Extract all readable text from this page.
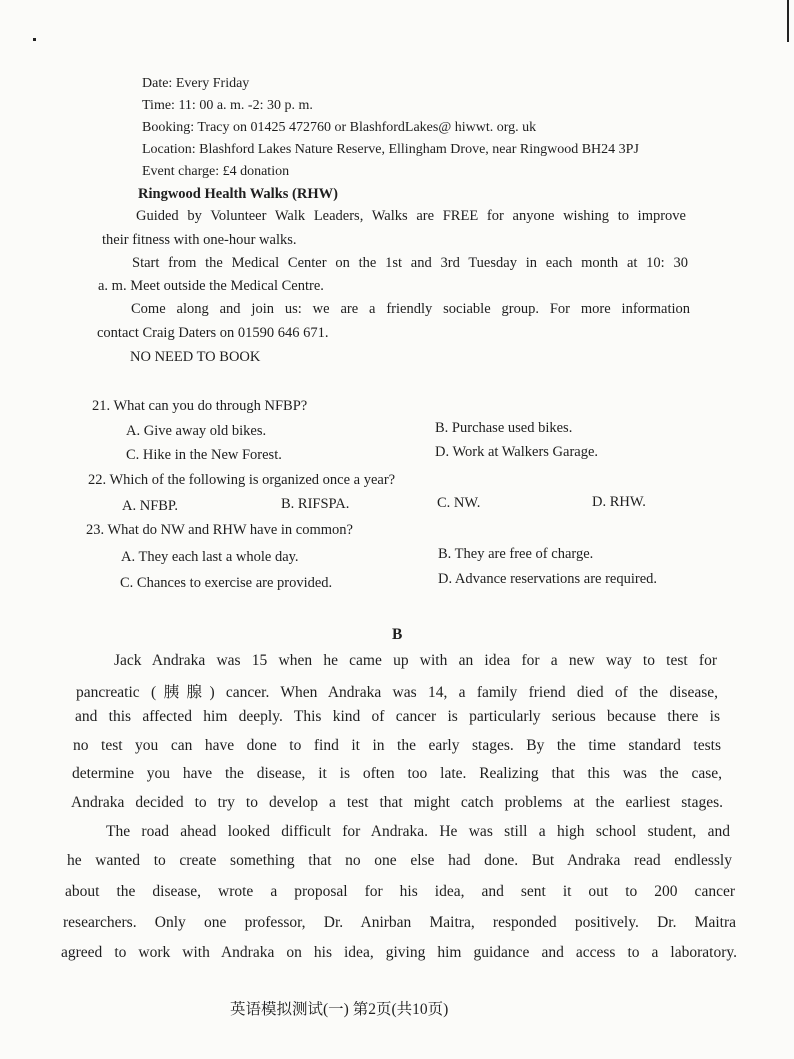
Date: Every Friday
Time: 11: 00 a. m. -2: 30 p. m.
Booking: Tracy on 01425 472760 or BlashfordLakes@ hiwwt. org. uk
Location: Blashford Lakes Nature Reserve, Ellingham Drove, near Ringwood BH24 3PJ
Event charge: £4 donation
Ringwood Health Walks (RHW)
Guided by Volunteer Walk Leaders, Walks are FREE for anyone wishing to improve
their fitness with one-hour walks.
Start from the Medical Center on the 1st and 3rd Tuesday in each month at 10: 30
a. m. Meet outside the Medical Centre.
Come along and join us: we are a friendly sociable group. For more information
contact Craig Daters on 01590 646 671.
NO NEED TO BOOK
21. What can you do through NFBP?
A. Give away old bikes.	B. Purchase used bikes.
C. Hike in the New Forest.	D. Work at Walkers Garage.
22. Which of the following is organized once a year?
A. NFBP.	B. RIFSPA.	C. NW.	D. RHW.
23. What do NW and RHW have in common?
A. They each last a whole day.	B. They are free of charge.
C. Chances to exercise are provided.	D. Advance reservations are required.
B
Jack Andraka was 15 when he came up with an idea for a new way to test for
pancreatic (胰腺) cancer. When Andraka was 14, a family friend died of the disease,
and this affected him deeply. This kind of cancer is particularly serious because there is
no test you can have done to find it in the early stages. By the time standard tests
determine you have the disease, it is often too late. Realizing that this was the case,
Andraka decided to try to develop a test that might catch problems at the earliest stages.
The road ahead looked difficult for Andraka. He was still a high school student, and
he wanted to create something that no one else had done. But Andraka read endlessly
about the disease, wrote a proposal for his idea, and sent it out to 200 cancer
researchers. Only one professor, Dr. Anirban Maitra, responded positively. Dr. Maitra
agreed to work with Andraka on his idea, giving him guidance and access to a laboratory.
英语模拟测试(一) 第2页(共10页)
